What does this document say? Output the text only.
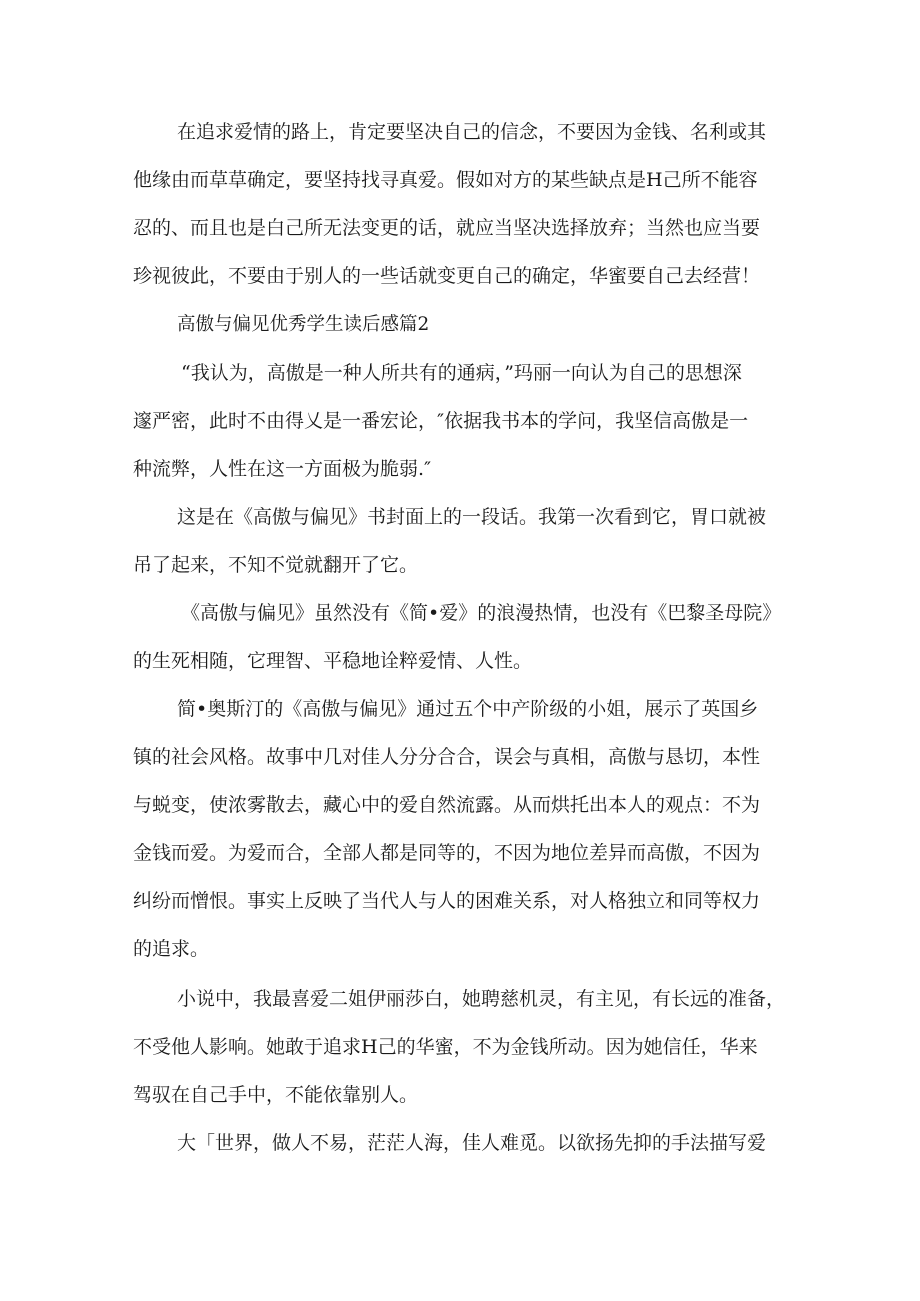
在追求爱情的路上，肯定要坚决自己的信念，不要因为金钱、名利或其
他缘由而草草确定，要坚持找寻真爱。假如对方的某些缺点是H己所不能容
忍的、而且也是白己所无法变更的话，就应当坚决选择放弃；当然也应当要
珍视彼此，不要由于别人的一些话就变更自己的确定，华蜜要自己去经营！
高傲与偏见优秀学生读后感篇2
“我认为，高傲是一种人所共有的通病，”玛丽一向认为自己的思想深
邃严密，此时不由得乂是一番宏论，″依据我书本的学问，我坚信高傲是一
种流弊，人性在这一方面极为脆弱.″
这是在《高傲与偏见》书封面上的一段话。我第一次看到它，胃口就被
吊了起来，不知不觉就翻开了它。
《高傲与偏见》虽然没有《简•爱》的浪漫热情，也没有《巴黎圣母院》
的生死相随，它理智、平稳地诠粹爱情、人性。
简•奥斯汀的《高傲与偏见》通过五个中产阶级的小姐，展示了英国乡
镇的社会风格。故事中几对佳人分分合合，误会与真相，高傲与恳切，本性
与蜕变，使浓雾散去，藏心中的爱自然流露。从而烘托出本人的观点：不为
金钱而爱。为爱而合，全部人都是同等的，不因为地位差异而高傲，不因为
纠纷而憎恨。事实上反映了当代人与人的困难关系，对人格独立和同等权力
的追求。
小说中，我最喜爱二姐伊丽莎白，她聘慈机灵，有主见，有长远的准备，
不受他人影响。她敢于追求H己的华蜜，不为金钱所动。因为她信任，华来
驾驭在自己手中，不能依靠别人。
大「世界，做人不易，茫茫人海，佳人难觅。以欲扬先抑的手法描写爱
